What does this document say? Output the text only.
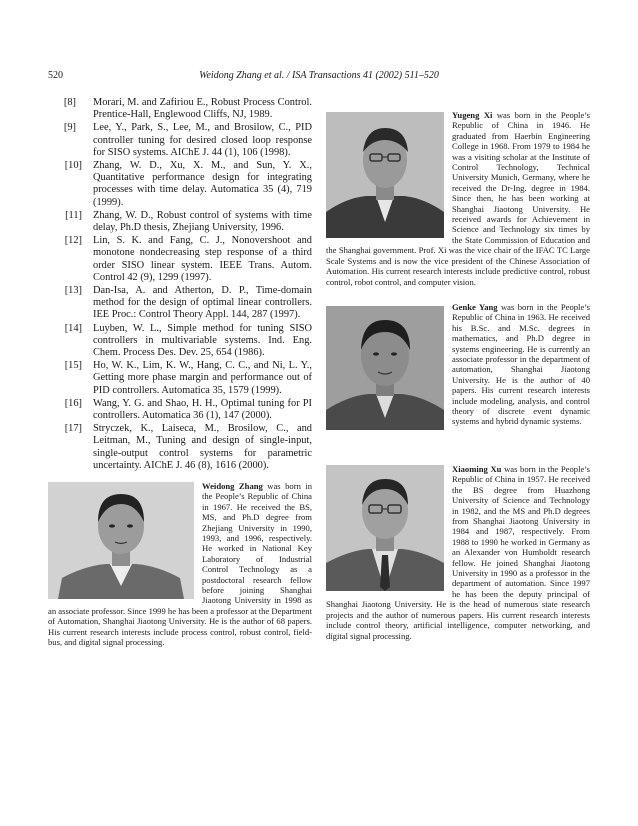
520	Weidong Zhang et al. / ISA Transactions 41 (2002) 511–520
[8] Morari, M. and Zafiriou E., Robust Process Control. Prentice-Hall, Englewood Cliffs, NJ, 1989.
[9] Lee, Y., Park, S., Lee, M., and Brosilow, C., PID controller tuning for desired closed loop response for SISO systems. AIChE J. 44 (1), 106 (1998).
[10] Zhang, W. D., Xu, X. M., and Sun, Y. X., Quantitative performance design for integrating processes with time delay. Automatica 35 (4), 719 (1999).
[11] Zhang, W. D., Robust control of systems with time delay, Ph.D thesis, Zhejiang University, 1996.
[12] Lin, S. K. and Fang, C. J., Nonovershoot and monotone nondecreasing step response of a third order SISO linear system. IEEE Trans. Autom. Control 42 (9), 1299 (1997).
[13] Dan-Isa, A. and Atherton, D. P., Time-domain method for the design of optimal linear controllers. IEE Proc.: Control Theory Appl. 144, 287 (1997).
[14] Luyben, W. L., Simple method for tuning SISO controllers in multivariable systems. Ind. Eng. Chem. Process Des. Dev. 25, 654 (1986).
[15] Ho, W. K., Lim, K. W., Hang, C. C., and Ni, L. Y., Getting more phase margin and performance out of PID controllers. Automatica 35, 1579 (1999).
[16] Wang, Y. G. and Shao, H. H., Optimal tuning for PI controllers. Automatica 36 (1), 147 (2000).
[17] Stryczek, K., Laiseca, M., Brosilow, C., and Leitman, M., Tuning and design of single-input, single-output control systems for parametric uncertainty. AIChE J. 46 (8), 1616 (2000).

Yugeng Xi was born in the People’s Republic of China in 1946. He graduated from Haerbin Engineering College in 1968. From 1979 to 1984 he was a visiting scholar at the Institute of Control Technology, Technical University Munich, Germany, where he received the Dr-Ing. degree in 1984. Since then, he has been working at Shanghai Jiaotong University. He received awards for Achievement in Science and Technology six times by the State Commission of Education and the Shanghai government. Prof. Xi was the vice chair of the IFAC TC Large Scale Systems and is now the vice president of the Chinese Association of Automation. His current research interests include predictive control, robust control, robot control, and computer vision.

Genke Yang was born in the People’s Republic of China in 1963. He received his B.Sc. and M.Sc. degrees in mathematics, and Ph.D degree in systems engineering. He is currently an associate professor in the department of automation, Shanghai Jiaotong University. He is the author of 40 papers. His current research interests include modeling, analysis, and control theory of discrete event dynamic systems and hybrid dynamic systems.

Xiaoming Xu was born in the People’s Republic of China in 1957. He received the BS degree from Huazhong University of Science and Technology in 1982, and the MS and Ph.D degrees from Shanghai Jiaotong University in 1984 and 1987, respectively. From 1988 to 1990 he worked in Germany as an Alexander von Humboldt research fellow. He joined Shanghai Jiaotong University in 1990 as a professor in the department of automation. Since 1997 he has been the deputy principal of Shanghai Jiaotong University. He is the head of numerous state research projects and the author of numerous papers. His current research interests include control theory, artificial intelligence, computer networking, and digital signal processing.

Weidong Zhang was born in the People’s Republic of China in 1967. He received the BS, MS, and Ph.D degree from Zhejiang University in 1990, 1993, and 1996, respectively. He worked in National Key Laboratory of Industrial Control Technology as a postdoctoral research fellow before joining Shanghai Jiaotong University in 1998 as an associate professor. Since 1999 he has been a professor at the Department of Automation, Shanghai Jiaotong University. He is the author of 68 papers. His current research interests include process control, robust control, field-bus, and digital signal processing.
